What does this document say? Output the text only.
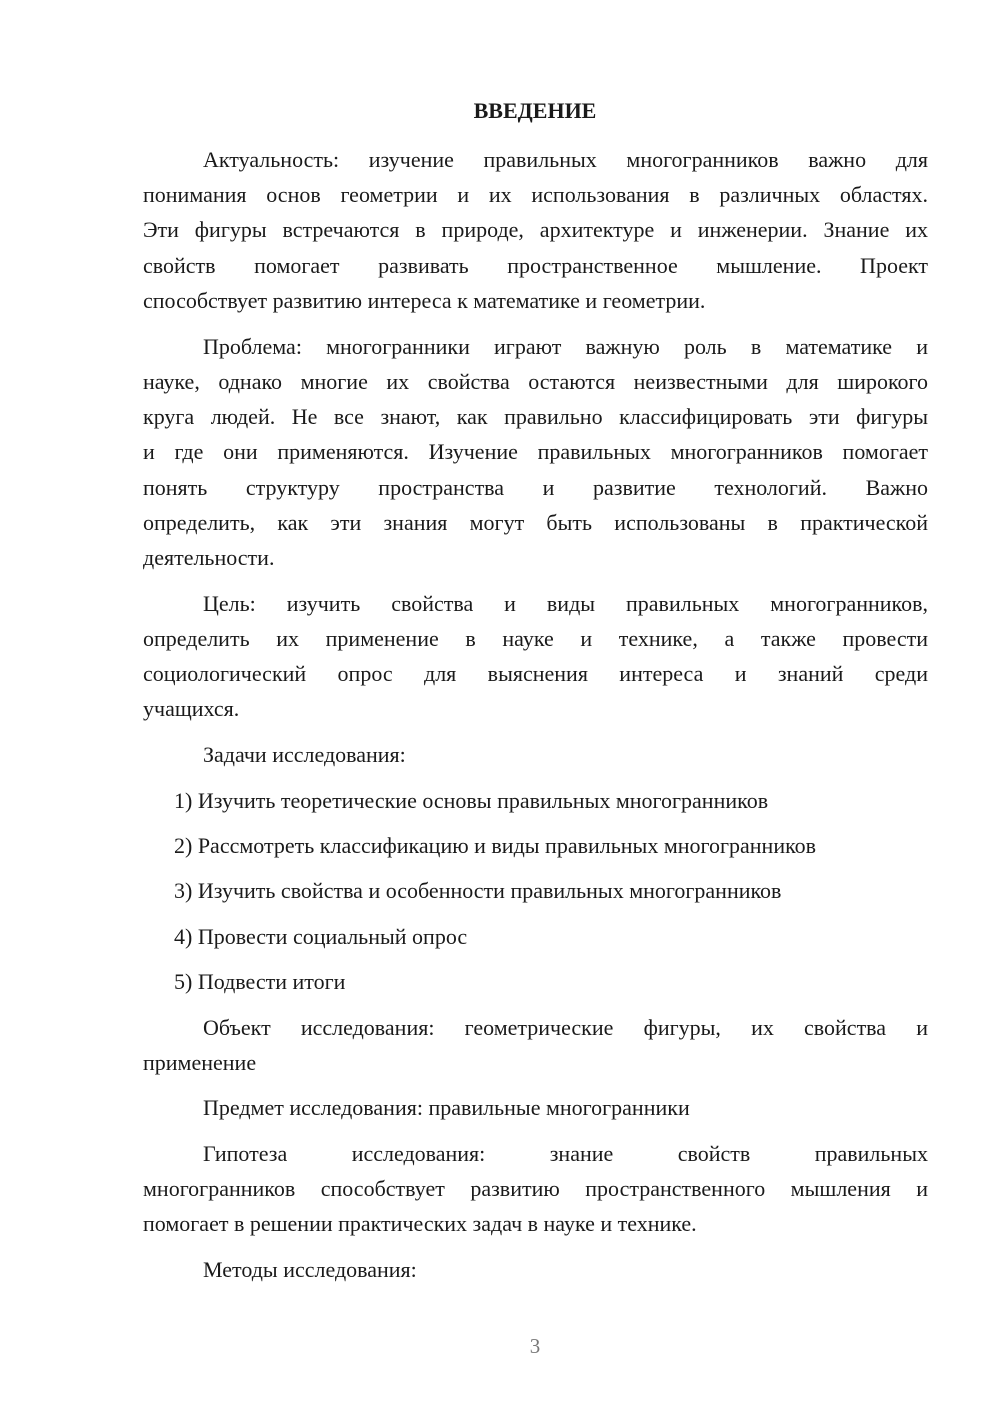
ВВЕДЕНИЕ
Актуальность: изучение правильных многогранников важно для
понимания основ геометрии и их использования в различных областях.
Эти фигуры встречаются в природе, архитектуре и инженерии. Знание их
свойств помогает развивать пространственное мышление. Проект
способствует развитию интереса к математике и геометрии.
Проблема: многогранники играют важную роль в математике и
науке, однако многие их свойства остаются неизвестными для широкого
круга людей. Не все знают, как правильно классифицировать эти фигуры
и где они применяются. Изучение правильных многогранников помогает
понять структуру пространства и развитие технологий. Важно
определить, как эти знания могут быть использованы в практической
деятельности.
Цель: изучить свойства и виды правильных многогранников,
определить их применение в науке и технике, а также провести
социологический опрос для выяснения интереса и знаний среди
учащихся.
Задачи исследования:
1) Изучить теоретические основы правильных многогранников
2) Рассмотреть классификацию и виды правильных многогранников
3) Изучить свойства и особенности правильных многогранников
4) Провести социальный опрос
5) Подвести итоги
Объект исследования: геометрические фигуры, их свойства и
применение
Предмет исследования: правильные многогранники
Гипотеза исследования: знание свойств правильных
многогранников способствует развитию пространственного мышления и
помогает в решении практических задач в науке и технике.
Методы исследования:
3
